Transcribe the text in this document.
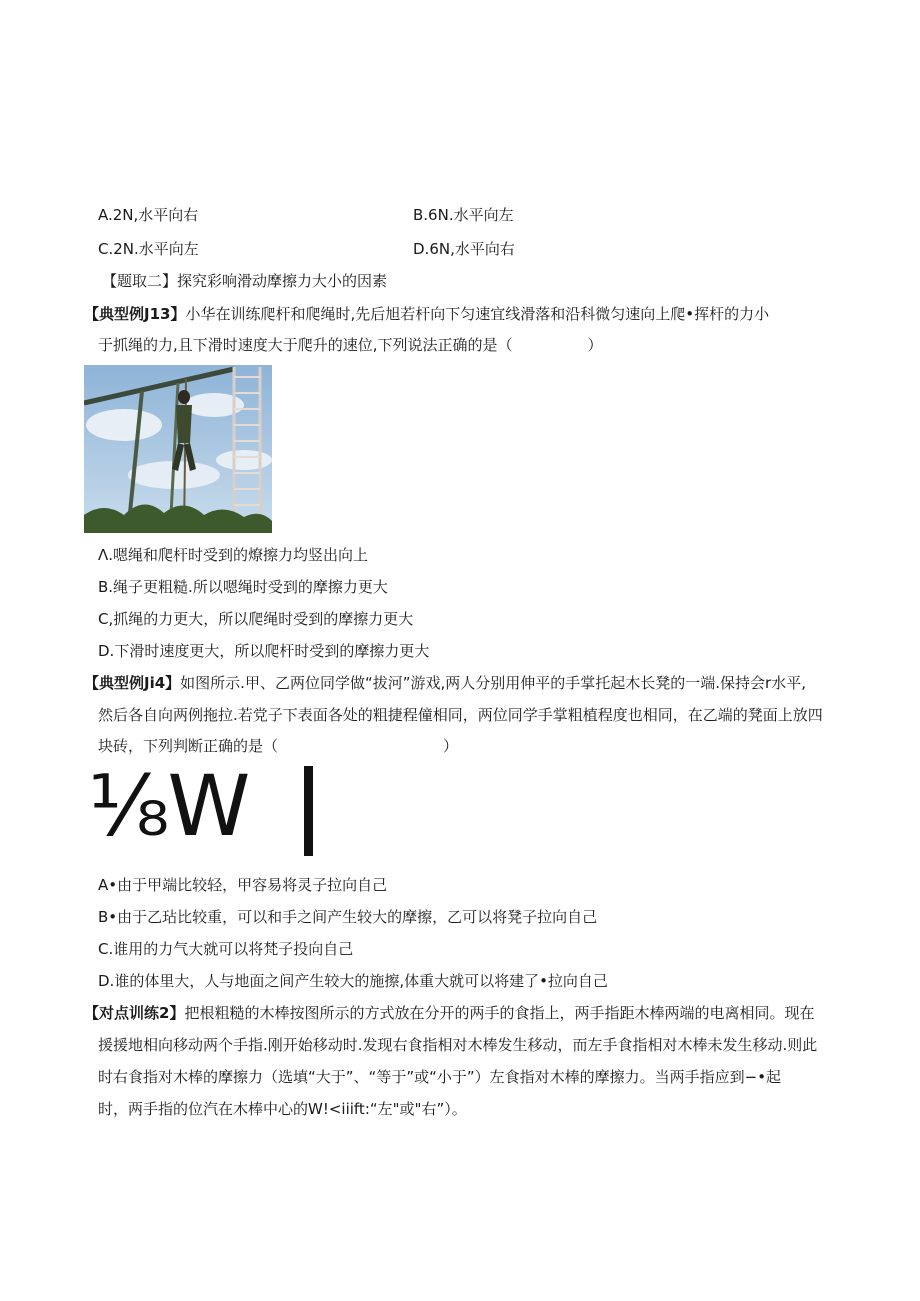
A.2N,水平向右	B.6N.水平向左
C.2N.水平向左	D.6N,水平向右
【题取二】探究彩响滑动摩擦力大小的因素
【典型例J13】小华在训练爬杆和爬绳时,先后旭若杆向下匀速宜线滑落和沿科微匀速向上爬•挥杆的力小
于抓绳的力,且下滑时速度大于爬升的速位,下列说法正确的是（　　　　　）
Λ.嗯绳和爬杆时受到的燎擦力均竖出向上
B.绳子更粗糙.所以嗯绳时受到的摩擦力更大
C,抓绳的力更大，所以爬绳时受到的摩擦力更大
D.下滑时速度更大，所以爬杆时受到的摩擦力更大
【典型例Ji4】如图所示.甲、乙两位同学做“拔河”游戏,两人分别用伸平的手掌托起木长凳的一端.保持会r水平,
然后各自向两例拖拉.若党子下表面各处的粗捷程僮相同，两位同学手掌粗植程度也相同，在乙端的凳面上放四
块砖，下列判断正确的是（　　　　　　　　　　　）
⅛W
A•由于甲端比较轻，甲容易将灵子拉向自己
B•由于乙玷比较重，可以和手之间产生较大的摩擦，乙可以将凳子拉向自己
C.谁用的力气大就可以将梵子投向自己
D.谁的体里大，人与地面之间产生较大的施擦,体重大就可以将建了•拉向自己
【对点训练2】把根粗糙的木棒按图所示的方式放在分开的两手的食指上，两手指距木棒两端的电离相同。现在
援援地相向移动两个手指.刚开始移动时.发现右食指相对木棒发生移动，而左手食指相对木棒未发生移动.则此
时右食指对木棒的摩擦力（选填“大于”、“等于”或“小于”）左食指对木棒的摩擦力。当两手指应到−•起
时，两手指的位汽在木棒中心的W!<iiift:“左"或"右”）。
